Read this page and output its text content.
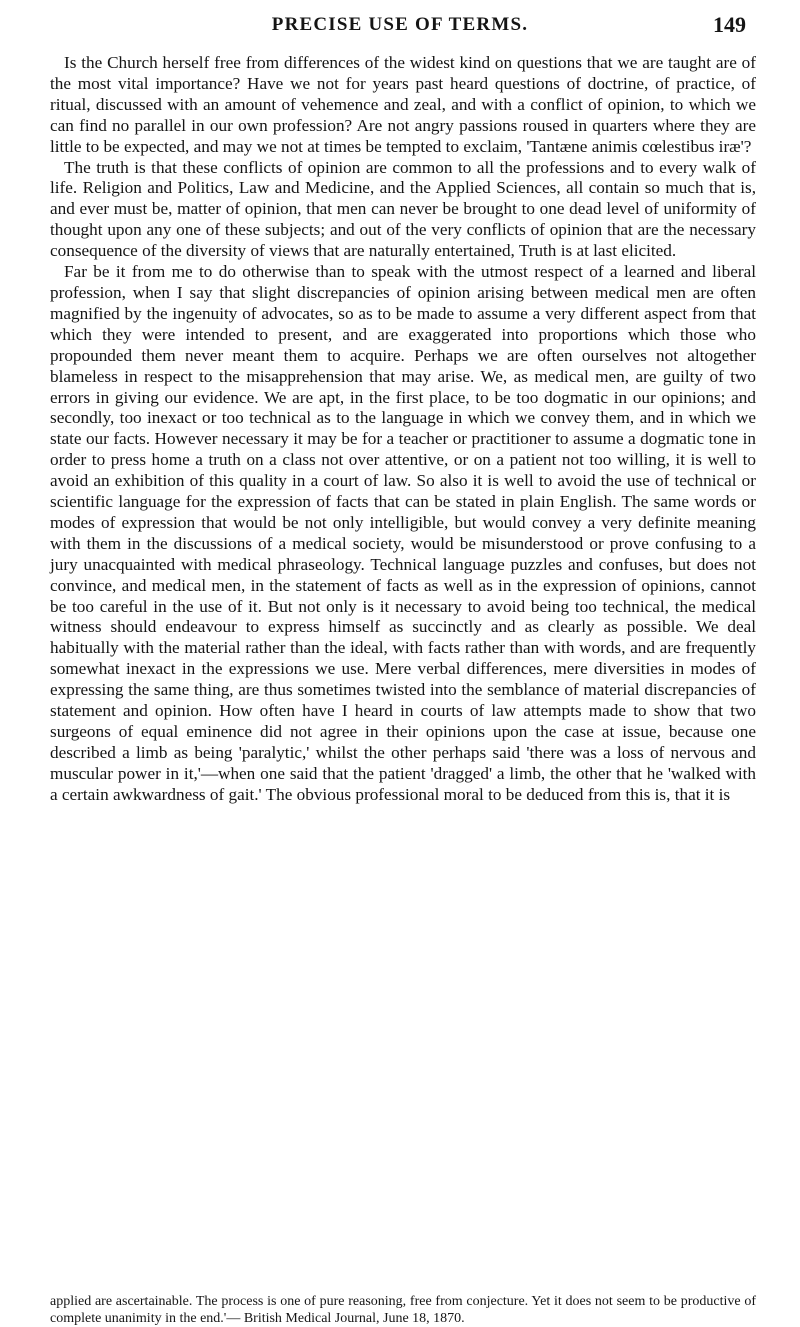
PRECISE USE OF TERMS.	149

Is the Church herself free from differences of the widest kind on questions that we are taught are of the most vital importance? Have we not for years past heard questions of doctrine, of practice, of ritual, discussed with an amount of vehemence and zeal, and with a conflict of opinion, to which we can find no parallel in our own profession? Are not angry passions roused in quarters where they are little to be expected, and may we not at times be tempted to exclaim, 'Tantæne animis cœlestibus iræ'?

The truth is that these conflicts of opinion are common to all the professions and to every walk of life. Religion and Politics, Law and Medicine, and the Applied Sciences, all contain so much that is, and ever must be, matter of opinion, that men can never be brought to one dead level of uniformity of thought upon any one of these subjects; and out of the very conflicts of opinion that are the necessary consequence of the diversity of views that are naturally entertained, Truth is at last elicited.

Far be it from me to do otherwise than to speak with the utmost respect of a learned and liberal profession, when I say that slight discrepancies of opinion arising between medical men are often magnified by the ingenuity of advocates, so as to be made to assume a very different aspect from that which they were intended to present, and are exaggerated into proportions which those who propounded them never meant them to acquire. Perhaps we are often ourselves not altogether blameless in respect to the misapprehension that may arise. We, as medical men, are guilty of two errors in giving our evidence. We are apt, in the first place, to be too dogmatic in our opinions; and secondly, too inexact or too technical as to the language in which we convey them, and in which we state our facts. However necessary it may be for a teacher or practitioner to assume a dogmatic tone in order to press home a truth on a class not over attentive, or on a patient not too willing, it is well to avoid an exhibition of this quality in a court of law. So also it is well to avoid the use of technical or scientific language for the expression of facts that can be stated in plain English. The same words or modes of expression that would be not only intelligible, but would convey a very definite meaning with them in the discussions of a medical society, would be misunderstood or prove confusing to a jury unacquainted with medical phraseology. Technical language puzzles and confuses, but does not convince, and medical men, in the statement of facts as well as in the expression of opinions, cannot be too careful in the use of it. But not only is it necessary to avoid being too technical, the medical witness should endeavour to express himself as succinctly and as clearly as possible. We deal habitually with the material rather than the ideal, with facts rather than with words, and are frequently somewhat inexact in the expressions we use. Mere verbal differences, mere diversities in modes of expressing the same thing, are thus sometimes twisted into the semblance of material discrepancies of statement and opinion. How often have I heard in courts of law attempts made to show that two surgeons of equal eminence did not agree in their opinions upon the case at issue, because one described a limb as being 'paralytic,' whilst the other perhaps said 'there was a loss of nervous and muscular power in it,'—when one said that the patient 'dragged' a limb, the other that he 'walked with a certain awkwardness of gait.' The obvious professional moral to be deduced from this is, that it is

applied are ascertainable. The process is one of pure reasoning, free from conjecture. Yet it does not seem to be productive of complete unanimity in the end.'— British Medical Journal, June 18, 1870.
